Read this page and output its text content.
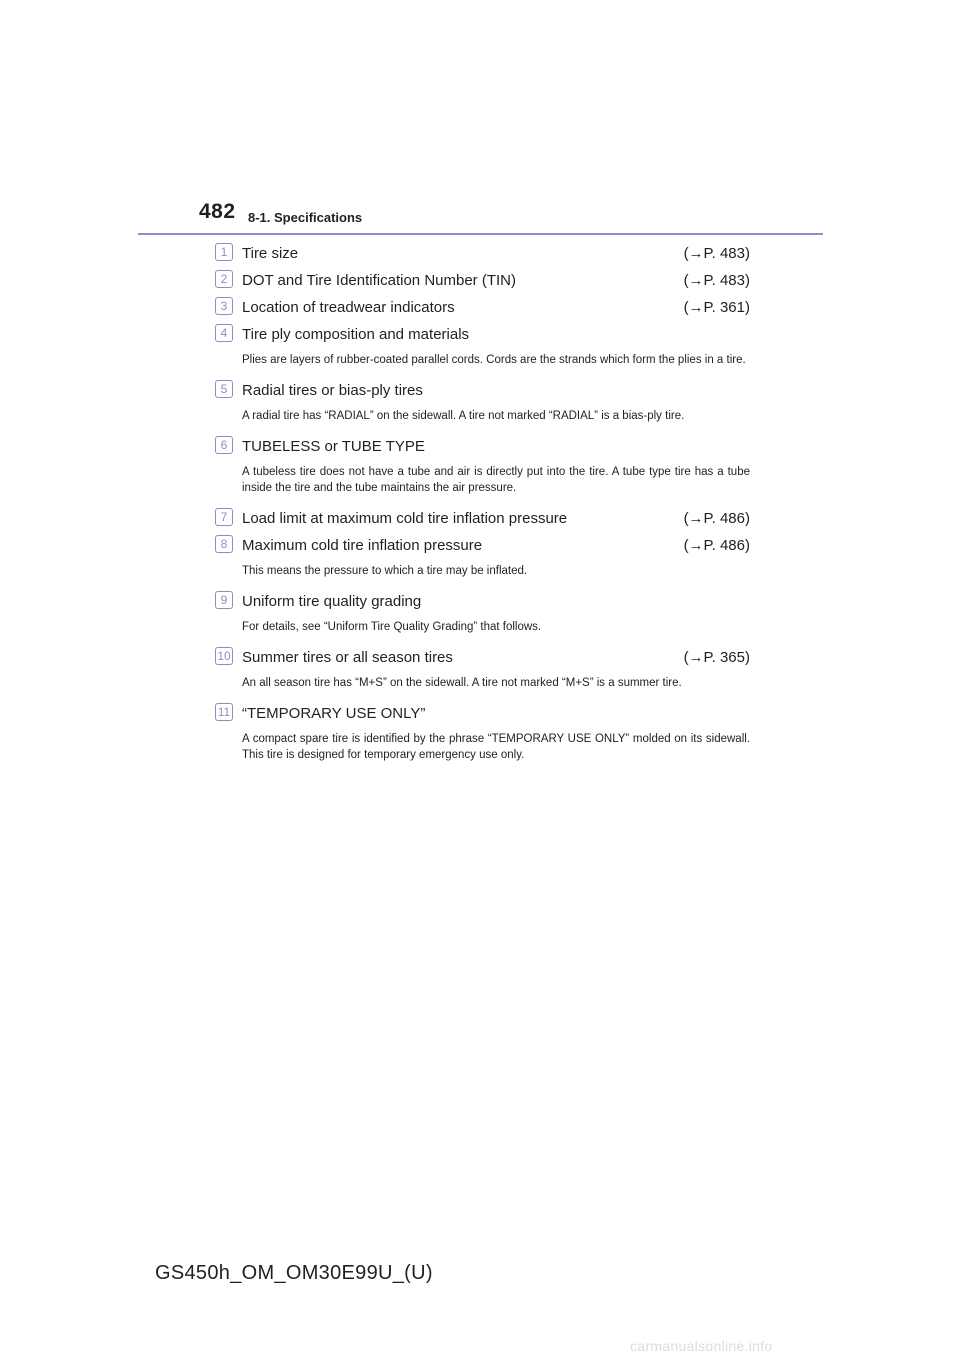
482 8-1. Specifications
1 Tire size	(→P. 483)
2 DOT and Tire Identification Number (TIN)	(→P. 483)
3 Location of treadwear indicators	(→P. 361)
4 Tire ply composition and materials
Plies are layers of rubber-coated parallel cords. Cords are the strands which form the plies in a tire.
5 Radial tires or bias-ply tires
A radial tire has “RADIAL” on the sidewall. A tire not marked “RADIAL” is a bias-ply tire.
6 TUBELESS or TUBE TYPE
A tubeless tire does not have a tube and air is directly put into the tire. A tube type tire has a tube inside the tire and the tube maintains the air pressure.
7 Load limit at maximum cold tire inflation pressure	(→P. 486)
8 Maximum cold tire inflation pressure	(→P. 486)
This means the pressure to which a tire may be inflated.
9 Uniform tire quality grading
For details, see “Uniform Tire Quality Grading” that follows.
10 Summer tires or all season tires	(→P. 365)
An all season tire has “M+S” on the sidewall. A tire not marked “M+S” is a summer tire.
11 “TEMPORARY USE ONLY”
A compact spare tire is identified by the phrase “TEMPORARY USE ONLY” molded on its sidewall. This tire is designed for temporary emergency use only.
GS450h_OM_OM30E99U_(U)
carmanualsonline.info
